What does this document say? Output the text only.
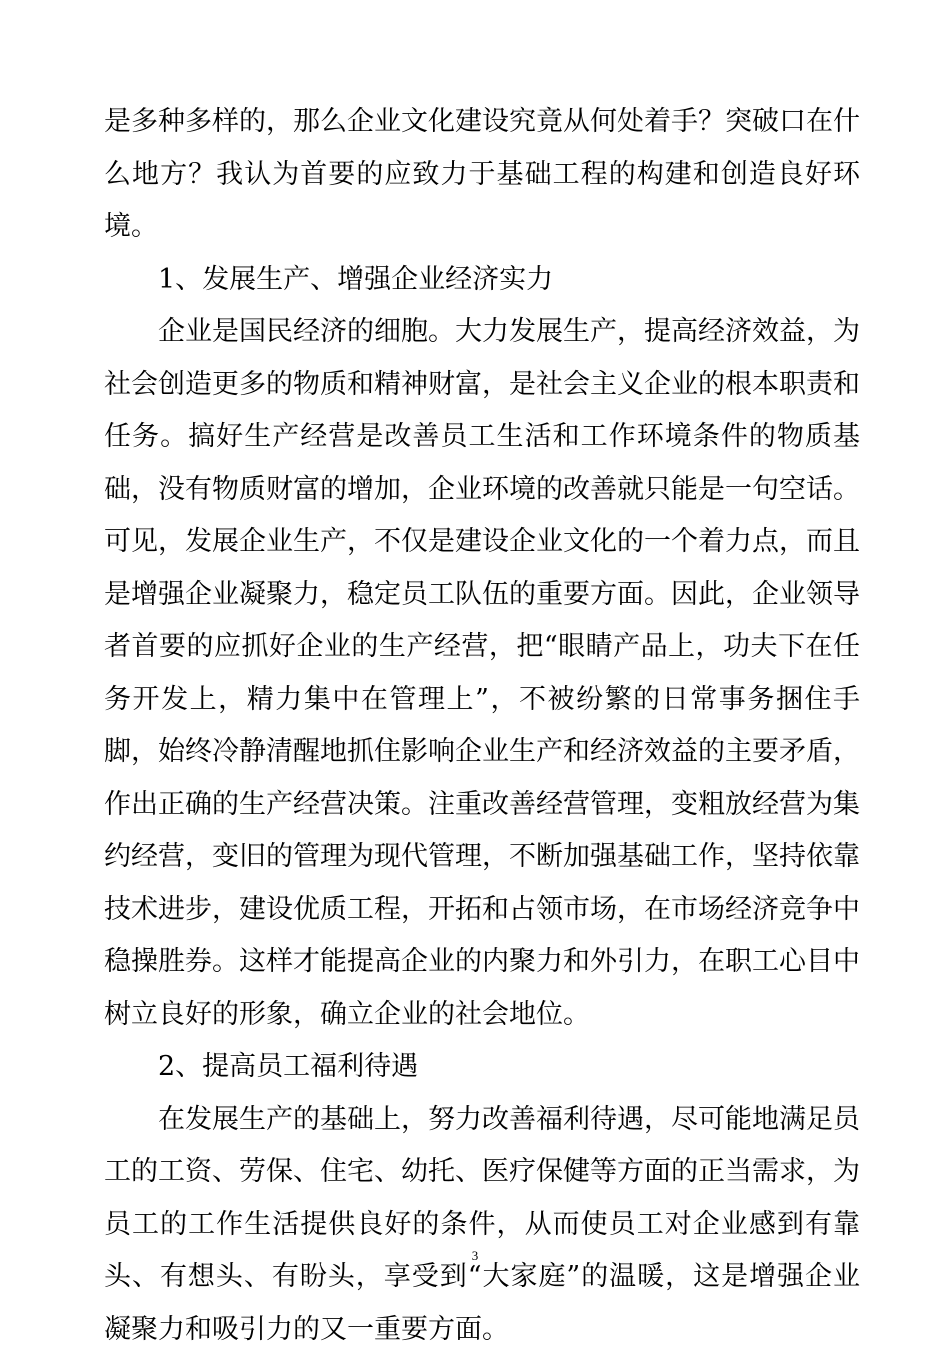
是多种多样的，那么企业文化建设究竟从何处着手？突破口在什么地方？我认为首要的应致力于基础工程的构建和创造良好环境。

1、发展生产、增强企业经济实力

企业是国民经济的细胞。大力发展生产，提高经济效益，为社会创造更多的物质和精神财富，是社会主义企业的根本职责和任务。搞好生产经营是改善员工生活和工作环境条件的物质基础，没有物质财富的增加，企业环境的改善就只能是一句空话。可见，发展企业生产，不仅是建设企业文化的一个着力点，而且是增强企业凝聚力，稳定员工队伍的重要方面。因此，企业领导者首要的应抓好企业的生产经营，把“眼睛产品上，功夫下在任务开发上，精力集中在管理上”，不被纷繁的日常事务捆住手脚，始终冷静清醒地抓住影响企业生产和经济效益的主要矛盾，作出正确的生产经营决策。注重改善经营管理，变粗放经营为集约经营，变旧的管理为现代管理，不断加强基础工作，坚持依靠技术进步，建设优质工程，开拓和占领市场，在市场经济竞争中稳操胜券。这样才能提高企业的内聚力和外引力，在职工心目中树立良好的形象，确立企业的社会地位。

2、提高员工福利待遇

在发展生产的基础上，努力改善福利待遇，尽可能地满足员工的工资、劳保、住宅、幼托、医疗保健等方面的正当需求，为员工的工作生活提供良好的条件，从而使员工对企业感到有靠头、有想头、有盼头，享受到“大家庭”的温暖，这是增强企业凝聚力和吸引力的又一重要方面。

3
